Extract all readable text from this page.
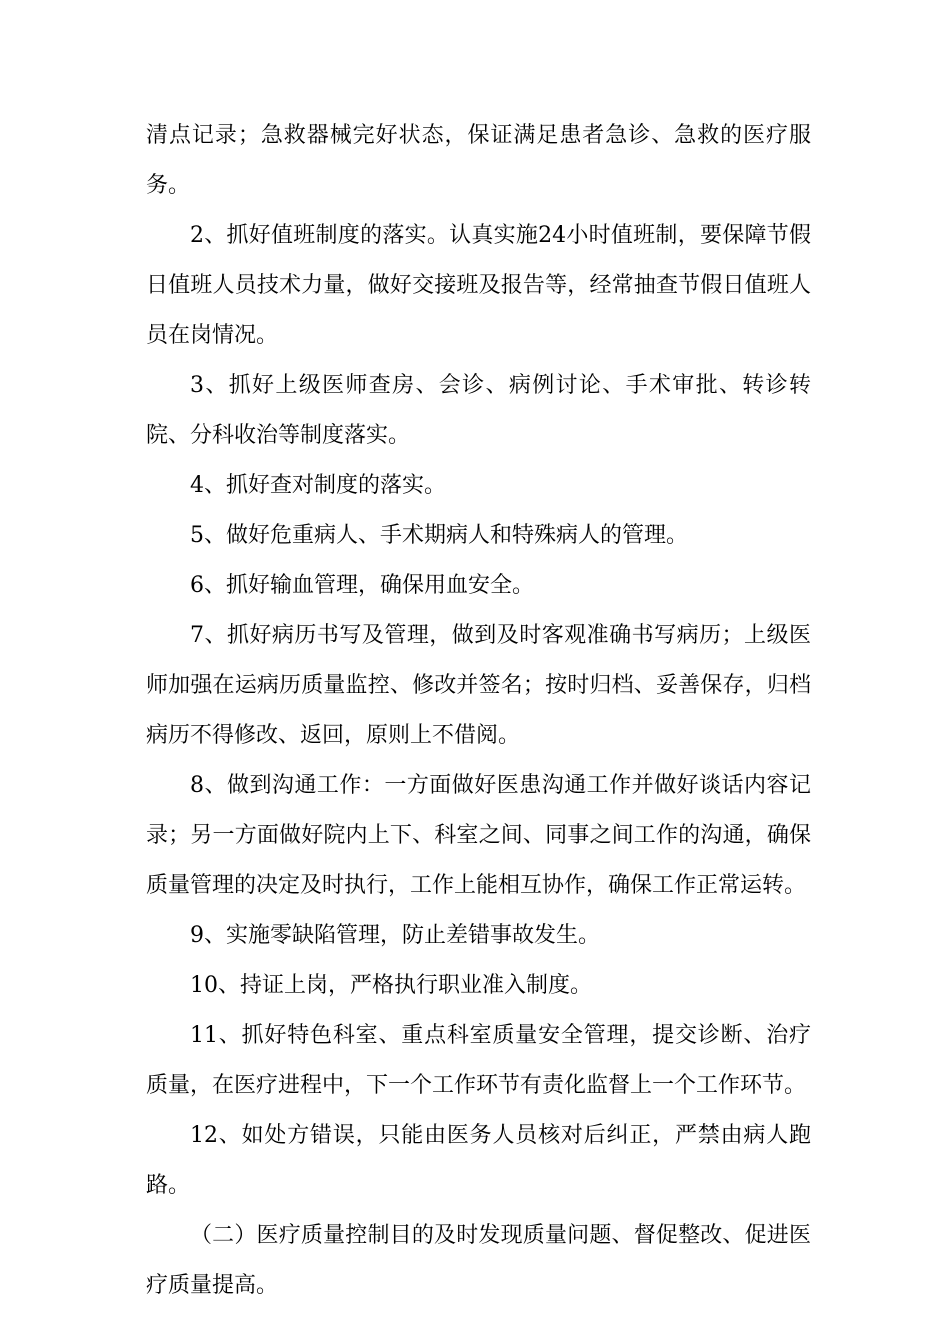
清点记录；急救器械完好状态，保证满足患者急诊、急救的医疗服务。

2、抓好值班制度的落实。认真实施24小时值班制，要保障节假日值班人员技术力量，做好交接班及报告等，经常抽查节假日值班人员在岗情况。

3、抓好上级医师查房、会诊、病例讨论、手术审批、转诊转院、分科收治等制度落实。

4、抓好查对制度的落实。

5、做好危重病人、手术期病人和特殊病人的管理。

6、抓好输血管理，确保用血安全。

7、抓好病历书写及管理，做到及时客观准确书写病历；上级医师加强在运病历质量监控、修改并签名；按时归档、妥善保存，归档病历不得修改、返回，原则上不借阅。

8、做到沟通工作：一方面做好医患沟通工作并做好谈话内容记录；另一方面做好院内上下、科室之间、同事之间工作的沟通，确保质量管理的决定及时执行，工作上能相互协作，确保工作正常运转。

9、实施零缺陷管理，防止差错事故发生。

10、持证上岗，严格执行职业准入制度。

11、抓好特色科室、重点科室质量安全管理，提交诊断、治疗质量，在医疗进程中，下一个工作环节有责化监督上一个工作环节。

12、如处方错误，只能由医务人员核对后纠正，严禁由病人跑路。

（二）医疗质量控制目的及时发现质量问题、督促整改、促进医疗质量提高。
